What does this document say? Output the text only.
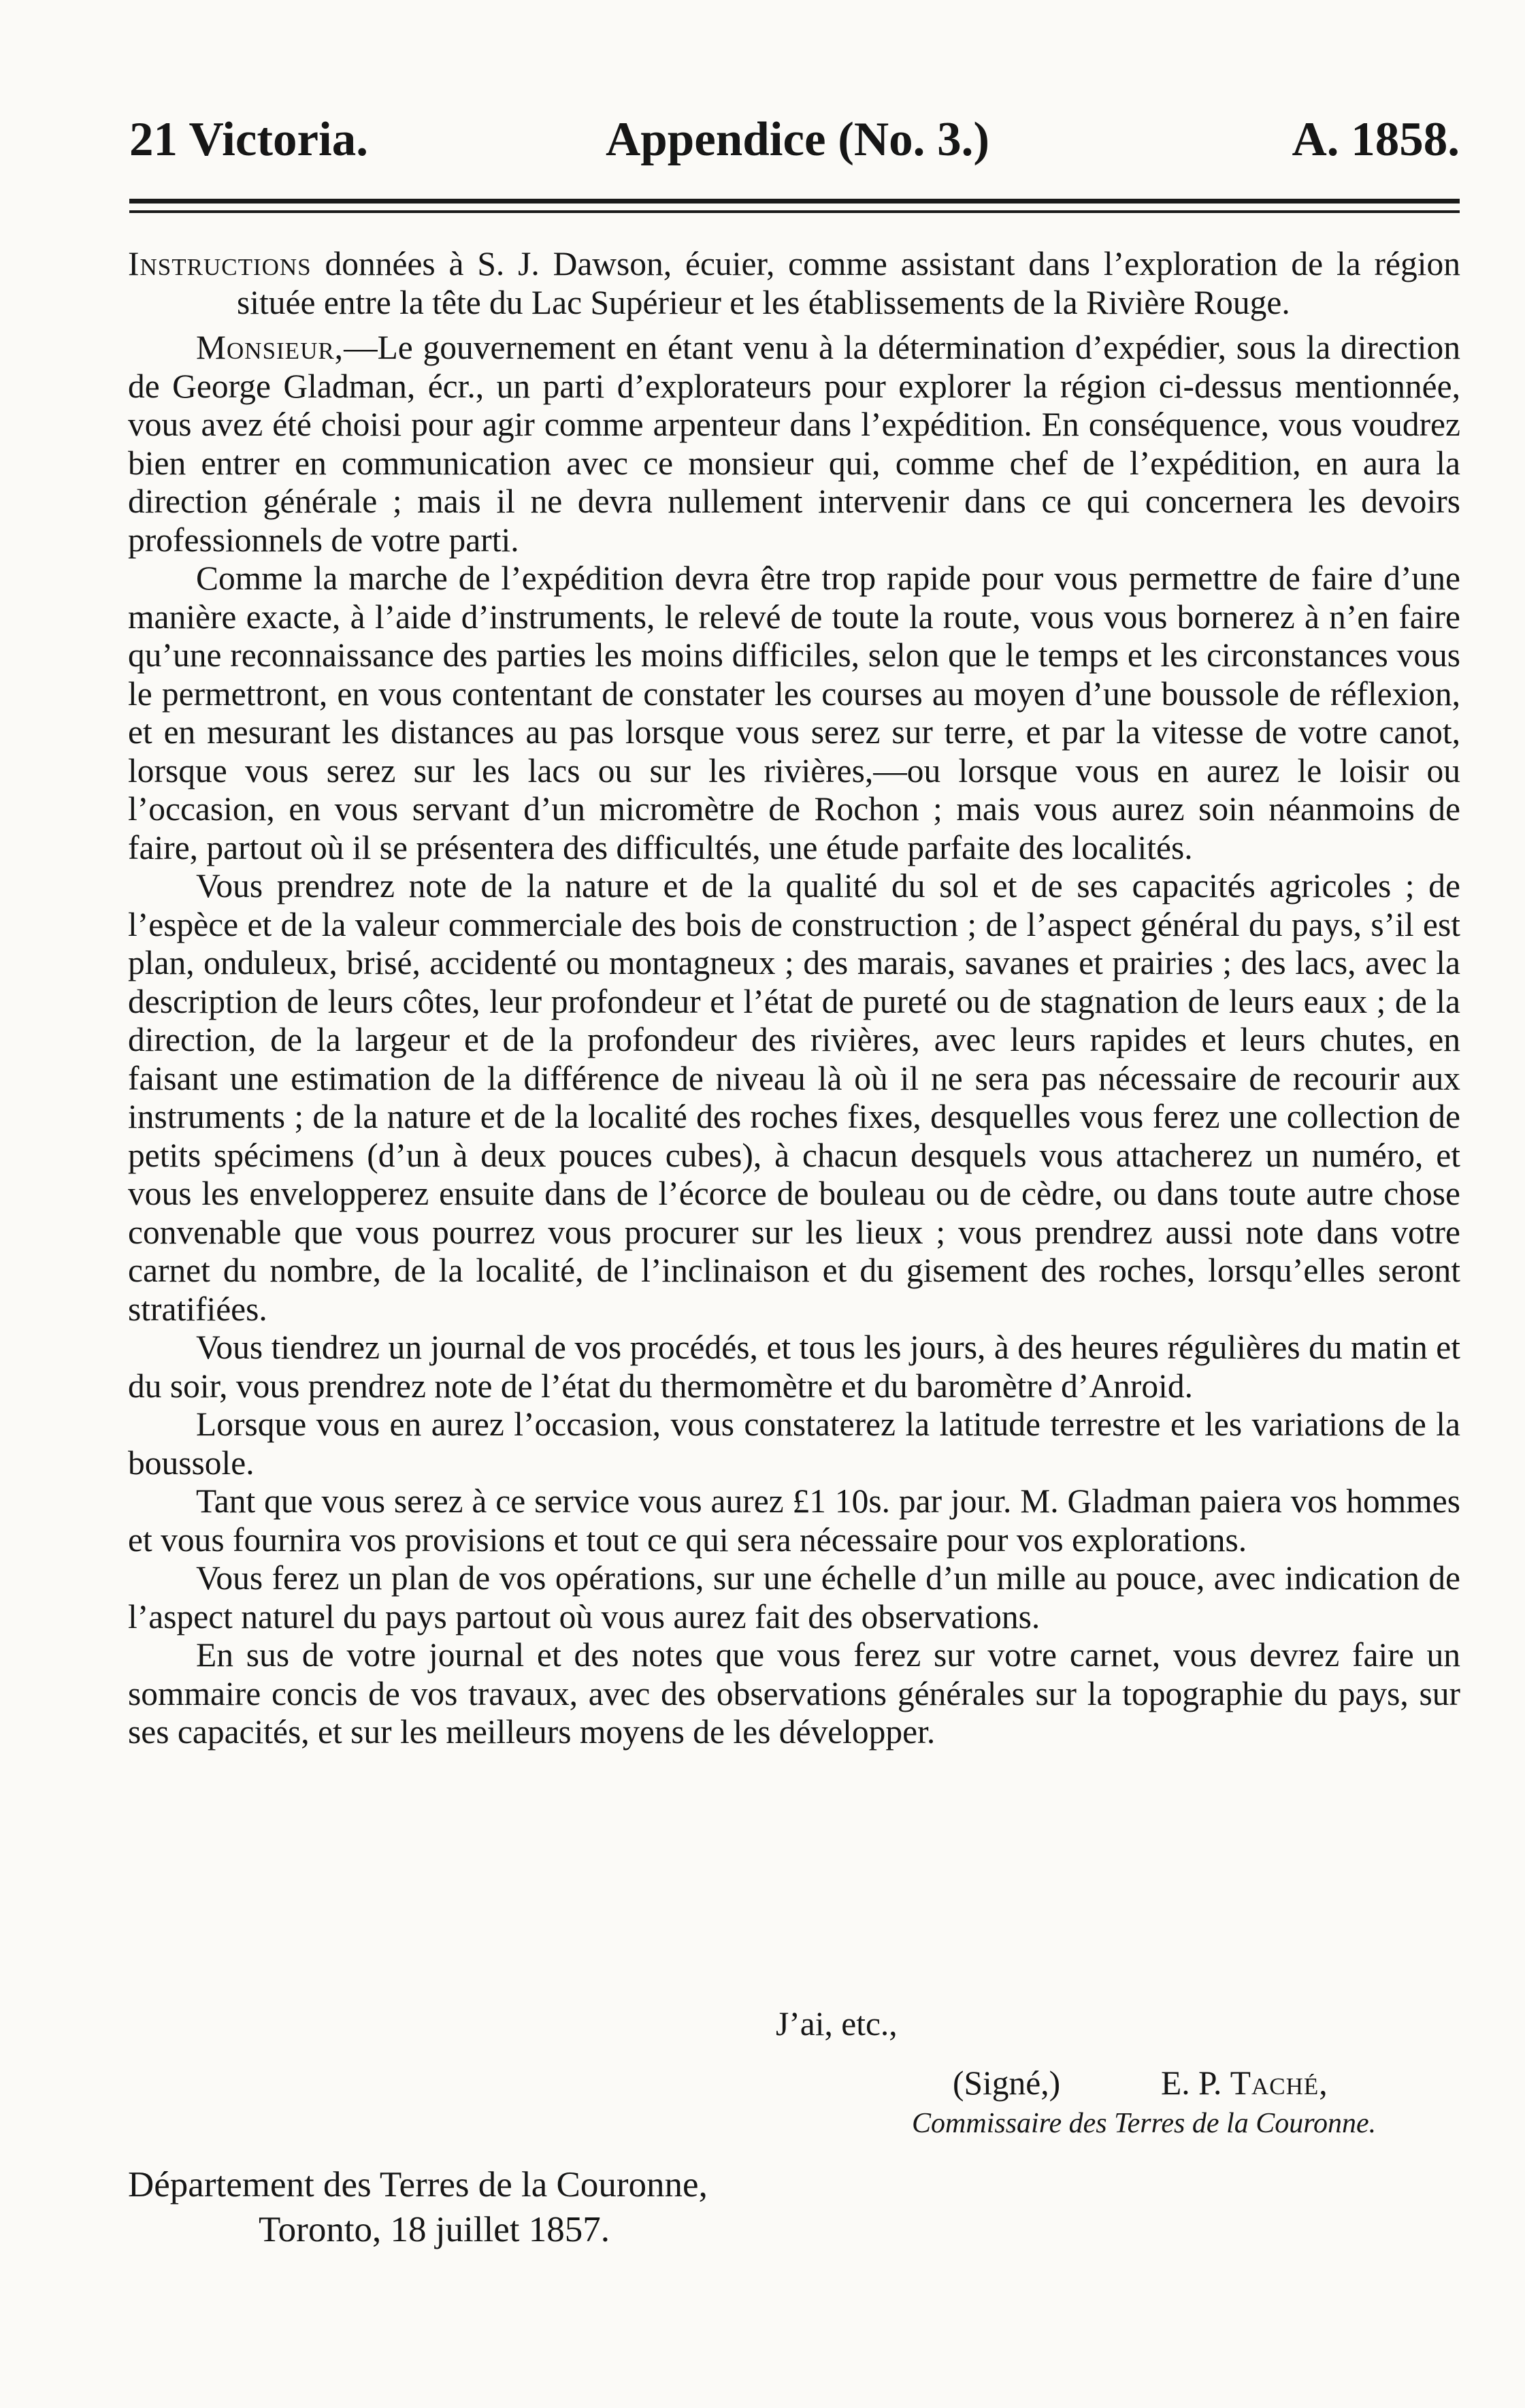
21 Victoria.	Appendice (No. 3.)	A. 1858.

Instructions données à S. J. Dawson, écuier, comme assistant dans l’exploration de la région située entre la tête du Lac Supérieur et les établissements de la Rivière Rouge.

Monsieur,—Le gouvernement en étant venu à la détermination d’expédier, sous la direction de George Gladman, écr., un parti d’explorateurs pour explorer la région ci-dessus mentionnée, vous avez été choisi pour agir comme arpenteur dans l’expédition. En conséquence, vous voudrez bien entrer en communication avec ce monsieur qui, comme chef de l’expédition, en aura la direction générale ; mais il ne devra nullement intervenir dans ce qui concernera les devoirs professionnels de votre parti.

Comme la marche de l’expédition devra être trop rapide pour vous permettre de faire d’une manière exacte, à l’aide d’instruments, le relevé de toute la route, vous vous bornerez à n’en faire qu’une reconnaissance des parties les moins difficiles, selon que le temps et les circonstances vous le permettront, en vous contentant de constater les courses au moyen d’une boussole de réflexion, et en mesurant les distances au pas lorsque vous serez sur terre, et par la vitesse de votre canot, lorsque vous serez sur les lacs ou sur les rivières,—ou lorsque vous en aurez le loisir ou l’occasion, en vous servant d’un micromètre de Rochon ; mais vous aurez soin néanmoins de faire, partout où il se présentera des difficultés, une étude parfaite des localités.

Vous prendrez note de la nature et de la qualité du sol et de ses capacités agricoles ; de l’espèce et de la valeur commerciale des bois de construction ; de l’aspect général du pays, s’il est plan, onduleux, brisé, accidenté ou montagneux ; des marais, savanes et prairies ; des lacs, avec la description de leurs côtes, leur profondeur et l’état de pureté ou de stagnation de leurs eaux ; de la direction, de la largeur et de la profondeur des rivières, avec leurs rapides et leurs chutes, en faisant une estimation de la différence de niveau là où il ne sera pas nécessaire de recourir aux instruments ; de la nature et de la localité des roches fixes, desquelles vous ferez une collection de petits spécimens (d’un à deux pouces cubes), à chacun desquels vous attacherez un numéro, et vous les envelopperez ensuite dans de l’écorce de bouleau ou de cèdre, ou dans toute autre chose convenable que vous pourrez vous procurer sur les lieux ; vous prendrez aussi note dans votre carnet du nombre, de la localité, de l’inclinaison et du gisement des roches, lorsqu’elles seront stratifiées.

Vous tiendrez un journal de vos procédés, et tous les jours, à des heures régulières du matin et du soir, vous prendrez note de l’état du thermomètre et du baromètre d’Anroid.

Lorsque vous en aurez l’occasion, vous constaterez la latitude terrestre et les variations de la boussole.

Tant que vous serez à ce service vous aurez £1 10s. par jour. M. Gladman paiera vos hommes et vous fournira vos provisions et tout ce qui sera nécessaire pour vos explorations.

Vous ferez un plan de vos opérations, sur une échelle d’un mille au pouce, avec indication de l’aspect naturel du pays partout où vous aurez fait des observations.

En sus de votre journal et des notes que vous ferez sur votre carnet, vous devrez faire un sommaire concis de vos travaux, avec des observations générales sur la topographie du pays, sur ses capacités, et sur les meilleurs moyens de les développer.

J’ai, etc.,
(Signé,)	E. P. Taché,
Commissaire des Terres de la Couronne.
Département des Terres de la Couronne,
Toronto, 18 juillet 1857.
